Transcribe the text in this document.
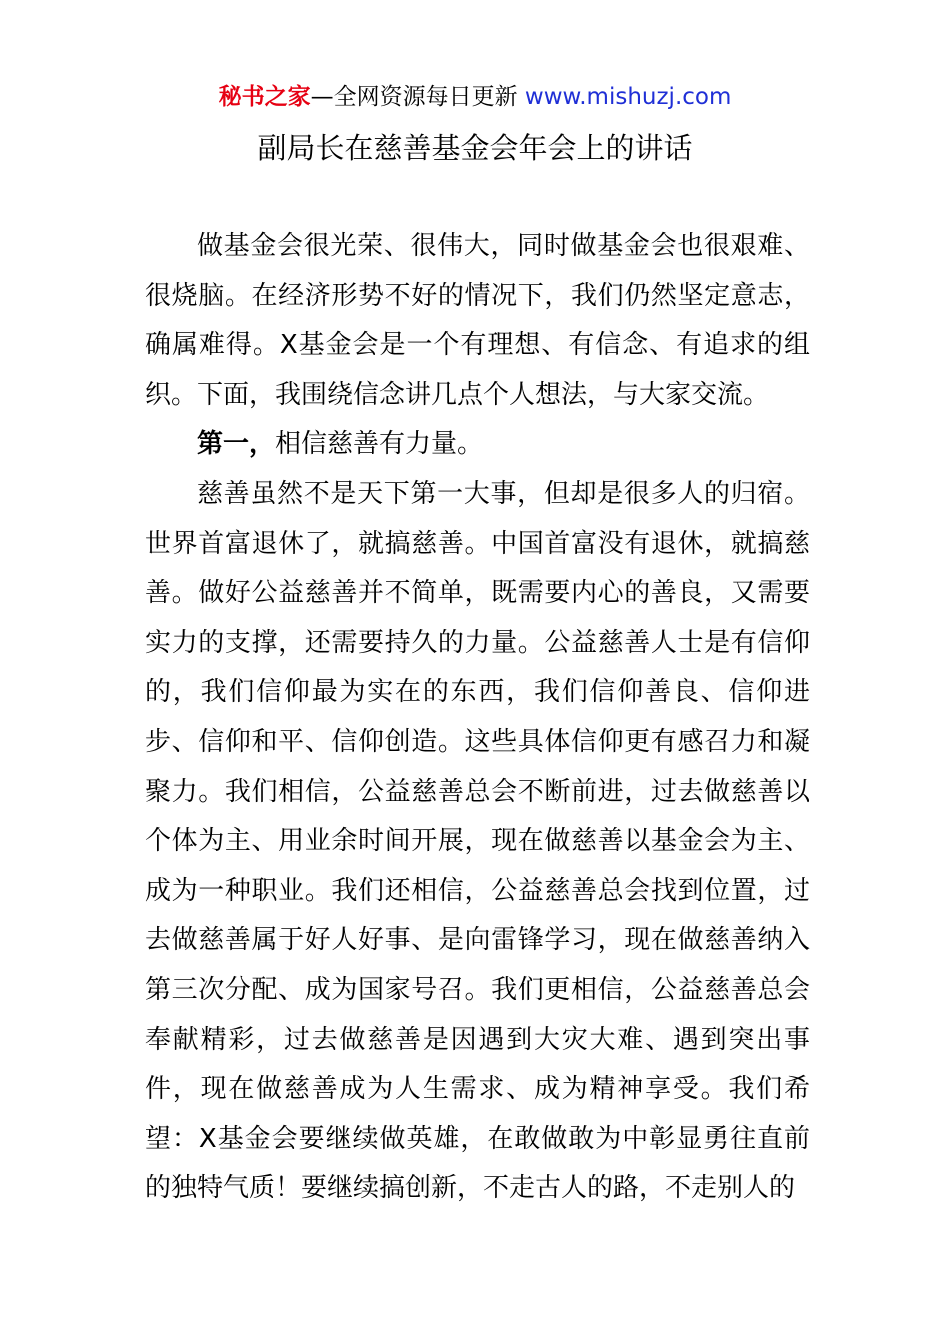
秘书之家—全网资源每日更新 www.mishuzj.com
副局长在慈善基金会年会上的讲话

做基金会很光荣、很伟大，同时做基金会也很艰难、很烧脑。在经济形势不好的情况下，我们仍然坚定意志，确属难得。X基金会是一个有理想、有信念、有追求的组织。下面，我围绕信念讲几点个人想法，与大家交流。

第一，相信慈善有力量。

慈善虽然不是天下第一大事，但却是很多人的归宿。世界首富退休了，就搞慈善。中国首富没有退休，就搞慈善。做好公益慈善并不简单，既需要内心的善良，又需要实力的支撑，还需要持久的力量。公益慈善人士是有信仰的，我们信仰最为实在的东西，我们信仰善良、信仰进步、信仰和平、信仰创造。这些具体信仰更有感召力和凝聚力。我们相信，公益慈善总会不断前进，过去做慈善以个体为主、用业余时间开展，现在做慈善以基金会为主、成为一种职业。我们还相信，公益慈善总会找到位置，过去做慈善属于好人好事、是向雷锋学习，现在做慈善纳入第三次分配、成为国家号召。我们更相信，公益慈善总会奉献精彩，过去做慈善是因遇到大灾大难、遇到突出事件，现在做慈善成为人生需求、成为精神享受。我们希望：X基金会要继续做英雄，在敢做敢为中彰显勇往直前的独特气质！要继续搞创新，不走古人的路，不走别人的
